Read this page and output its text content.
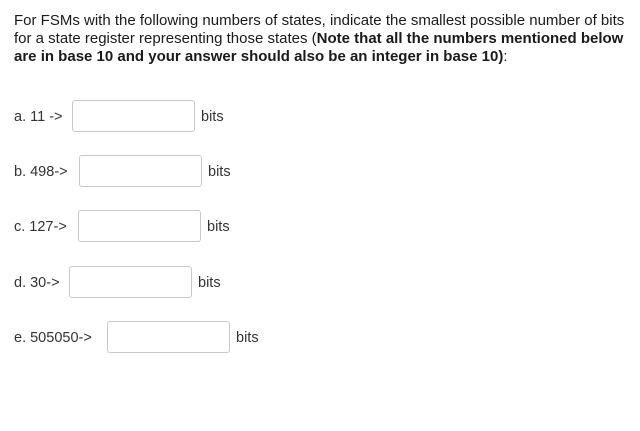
For FSMs with the following numbers of states, indicate the smallest possible number of bits for a state register representing those states (Note that all the numbers mentioned below are in base 10 and your answer should also be an integer in base 10):
a. 11 ->	bits
b. 498->	bits
c. 127->	bits
d. 30->	bits
e. 505050->	bits
